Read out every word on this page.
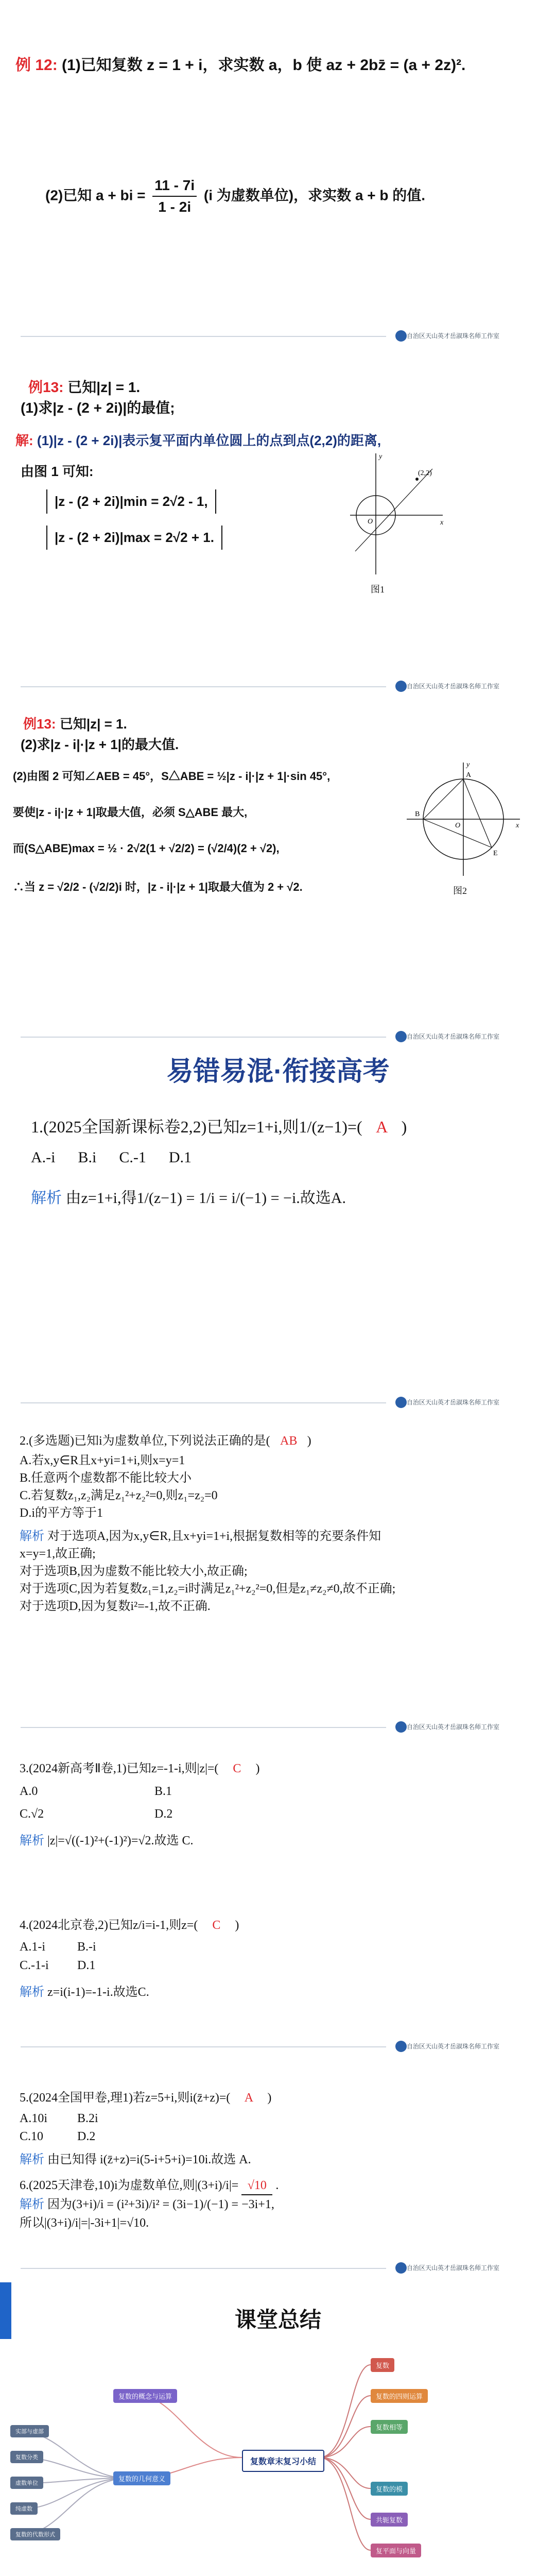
例 12: (1)已知复数 z = 1 + i，求实数 a，b 使 az + 2bz̄ = (a + 2z)².
(2)已知 a + bi = $\frac{11 - 7i}{1 - 2i} (i$ 为虚数单位)，求实数 a + b 的值.
自治区天山英才岳淑珠名师工作室
例13: 已知|z| = 1.
(1)求|z - (2 + 2i)|的最值;
解: (1)|z - (2 + 2i)|表示复平面内单位圆上的点到点(2,2)的距离,
由图 1 可知:
|z - (2 + 2i)|min = 2√2 - 1,
|z - (2 + 2i)|max = 2√2 + 1.
(2,2)
x
y
O
图1
自治区天山英才岳淑珠名师工作室
例13: 已知|z| = 1.
(2)求|z - i|·|z + 1|的最大值.
(2)由图 2 可知∠AEB = 45°，S△ABE = ½|z - i|·|z + 1|·sin 45°,
要使|z - i|·|z + 1|取最大值，必须 S△ABE 最大,
而(S△ABE)max = ½ · 2√2(1 + √2/2) = (√2/4)(2 + √2),
∴当 z = √2/2 - (√2/2)i 时，|z - i|·|z + 1|取最大值为 2 + √2.
B
E
A
O	x
y
图2
自治区天山英才岳淑珠名师工作室
易错易混·衔接高考
1.(2025全国新课标卷2,2)已知z=1+i,则1/(z−1)=( A )
A.-i B.i C.-1 D.1
解析 由z=1+i,得1/(z−1) = 1/i = i/(−1) = −i.故选A.
自治区天山英才岳淑珠名师工作室
2.(多选题)已知i为虚数单位,下列说法正确的是( AB )
A.若x,y∈R且x+yi=1+i,则x=y=1
B.任意两个虚数都不能比较大小
C.若复数z₁,z₂满足z₁²+z₂²=0,则z₁=z₂=0
D.i的平方等于1
解析 对于选项A,因为x,y∈R,且x+yi=1+i,根据复数相等的充要条件知
x=y=1,故正确;
对于选项B,因为虚数不能比较大小,故正确;
对于选项C,因为若复数z₁=1,z₂=i时满足z₁²+z₂²=0,但是z₁≠z₂≠0,故不正确;
对于选项D,因为复数i²=-1,故不正确.
自治区天山英才岳淑珠名师工作室
3.(2024新高考Ⅱ卷,1)已知z=-1-i,则|z|=( C )
A.0	B.1
C.√2	D.2
解析 |z|=√((-1)²+(-1)²)=√2.故选 C.
4.(2024北京卷,2)已知z/i=i-1,则z=( C )
A.1-i	B.-i
C.-1-i D.1
解析 z=i(i-1)=-1-i.故选C.
自治区天山英才岳淑珠名师工作室
5.(2024全国甲卷,理1)若z=5+i,则i(z̄+z)=( A )
A.10i B.2i
C.10	D.2
解析 由已知得 i(z̄+z)=i(5-i+5+i)=10i.故选 A.
6.(2025天津卷,10)i为虚数单位,则|(3+i)/i|= √10 .
解析 因为(3+i)/i = (i²+3i)/i² = (3i−1)/(−1) = −3i+1,
所以|(3+i)/i|=|-3i+1|=√10.
自治区天山英才岳淑珠名师工作室
课堂总结
复数章末复习小结
复数的概念与运算
复数的几何意义
复数
复数的四则运算
复数相等
复数的模
共轭复数
复平面与向量
实部与虚部
复数分类
虚数单位
纯虚数
复数的代数形式
